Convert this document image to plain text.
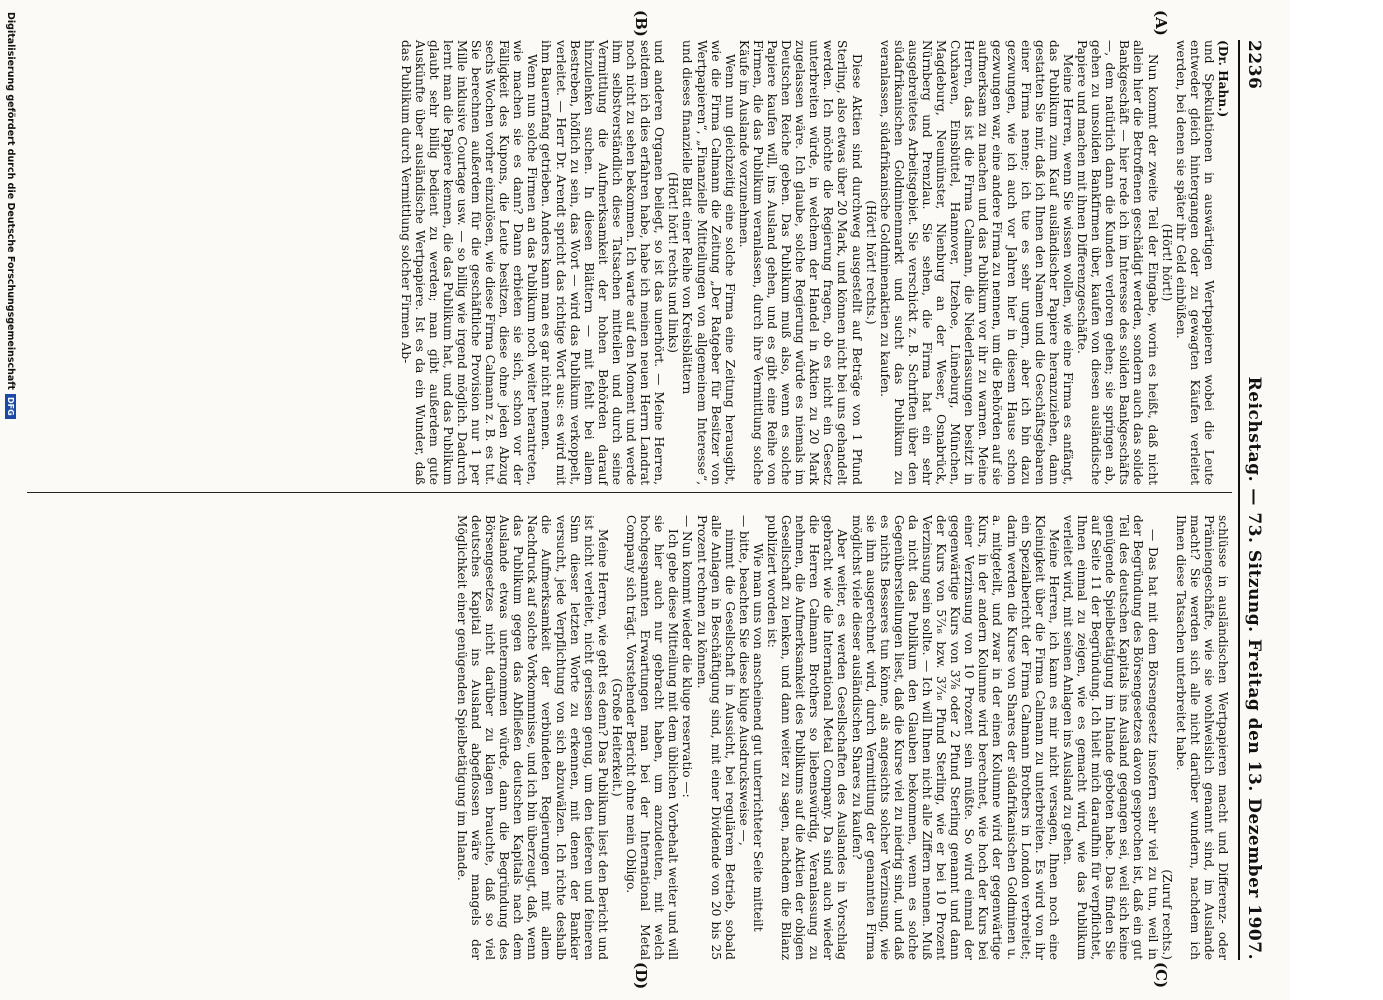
2236
Reichstag. — 73. Sitzung. Freitag den 13. Dezember 1907.
(A)
(B)
(C)
(D)

(Dr. Hahn.)

und Spekulationen in auswärtigen Wertpapieren wobei die Leute entweder gleich hintergangen oder zu gewagten Käufen verleitet werden, bei denen sie später ihr Geld einbüßen.

(Hört! hört!)

Nun kommt der zweite Teil der Eingabe, worin es heißt, daß nicht allein hier die Betroffenen geschädigt werden, sondern auch das solide Bankgeschäft — hier rede ich im Interesse des soliden Bankgeschäfts —, dem natürlich dann die Kunden verloren gehen; sie springen ab, gehen zu unsoliden Bankfirmen über, kaufen von diesen ausländische Papiere und machen mit ihnen Differenzgeschäfte.

Meine Herren, wenn Sie wissen wollen, wie eine Firma es anfängt, das Publikum zum Kauf ausländischer Papiere heranzuziehen, dann gestatten Sie mir, daß ich Ihnen den Namen und die Geschäftsgebaren einer Firma nenne; ich tue es sehr ungern, aber ich bin dazu gezwungen, wie ich auch vor Jahren hier in diesem Hause schon gezwungen war, eine andere Firma zu nennen, um die Behörden auf sie aufmerksam zu machen und das Publikum vor ihr zu warnen. Meine Herren, das ist die Firma Calmann, die Niederlassungen besitzt in Cuxhaven, Einsbüttel, Hannover, Itzehoe, Lüneburg, München, Magdeburg, Neumünster, Nienburg an der Weser, Osnabrück, Nürnberg und Prenzlau. Sie sehen, die Firma hat ein sehr ausgebreitetes Arbeitsgebiet. Sie verschickt z. B. Schriften über den südafrikanischen Goldminenmarkt und sucht das Publikum zu veranlassen, südafrikanische Goldminenaktien zu kaufen.

(Hört! hört! rechts.)

Diese Aktien sind durchweg ausgestellt auf Beträge von 1 Pfund Sterling, also etwas über 20 Mark, und können nicht bei uns gehandelt werden. Ich möchte die Regierung fragen, ob es nicht ein Gesetz unterbreiten würde, in welchem der Handel in Aktien zu 20 Mark zugelassen wäre. Ich glaube, solche Regierung würde es niemals im Deutschen Reiche geben. Das Publikum muß also, wenn es solche Papiere kaufen will, ins Ausland gehen, und es gibt eine Reihe von Firmen, die das Publikum veranlassen, durch ihre Vermittlung solche Käufe im Auslande vorzunehmen.

Wenn nun gleichzeitig eine solche Firma eine Zeitung herausgibt, wie die Firma Calmann die Zeitung „Der Ratgeber für Besitzer von Wertpapieren“, „Finanzielle Mitteilungen von allgemeinem Interesse“, und dieses finanzielle Blatt einer Reihe von Kreisblättern

(Hört! hört! rechts und links)

und anderen Organen beilegt, so ist das unerhört. — Meine Herren, seitdem ich dies erfahren habe, habe ich meinen neuen Herrn Landrat noch nicht zu sehen bekommen. Ich warte auf den Moment und werde ihm selbstverständlich diese Tatsachen mitteilen und durch seine Vermittlung die Aufmerksamkeit der hohen Behörden darauf hinzulenken suchen. In diesen Blättern — mit fehlt bei allem Bestreben, höflich zu sein, das Wort — wird das Publikum verkoppelt, verleitet. — Herr Dr. Arendt spricht das richtige Wort aus: es wird mit ihm Bauernfang getrieben. Anders kann man es gar nicht nennen.

Wenn nun solche Firmen an das Publikum noch weiter herantreten, wie machen sie es dann? Dann erbieten sie sich, schon vor der Fälligkeit des Kupons, die Leute besitzen, diese ohne jeden Abzug sechs Wochen vorher einzulösen, wie diese Firma Calmann z. B. es tut. Sie berechnen außerdem für die geschäftliche Provision nur 1 per Mille inklusive Courtage usw. — so billig wie irgend möglich. Dadurch lernt man die Papiere kennen, die das Publikum hat, und das Publikum glaubt sehr billig bedient zu werden; man gibt außerdem gute Auskünfte über ausländische Wertpapiere. Ist es da ein Wunder, daß das Publikum durch Vermittlung solcher Firmen Ab-

schlüsse in ausländischen Wertpapieren macht und Differenz- oder Prämiengeschäfte, wie sie wohlweislich genannt sind, im Auslande macht? Sie werden sich alle nicht darüber wundern, nachdem ich Ihnen diese Tatsachen unterbreitet habe.

(Zuruf rechts.)

— Das hat mit dem Börsengesetz insofern sehr viel zu tun, weil in der Begründung des Börsengesetzes davon gesprochen ist, daß ein gut Teil des deutschen Kapitals ins Ausland gegangen sei, weil sich keine genügende Spielbetätigung im Inlande geboten habe. Das finden Sie auf Seite 11 der Begründung. Ich hielt mich daraufhin für verpflichtet, Ihnen einmal zu zeigen, wie es gemacht wird, wie das Publikum verleitet wird, mit seinen Anlagen ins Ausland zu gehen.

Meine Herren, ich kann es mir nicht versagen, Ihnen noch eine Kleinigkeit über die Firma Calmann zu unterbreiten. Es wird von ihr ein Spezialbericht der Firma Calmann Brothers in London verbreitet; darin werden die Kurse von Shares der südafrikanischen Goldminen u. a. mitgeteilt, und zwar in der einen Kolumne wird der gegenwärtige Kurs, in der andern Kolumne wird berechnet, wie hoch der Kurs bei einer Verzinsung von 10 Prozent sein müßte. So wird einmal der gegenwärtige Kurs von 3⅞ oder 2 Pfund Sterling genannt und dann der Kurs von 5⁷⁄₁₆ bzw. 3⁷⁄₁₆ Pfund Sterling, wie er bei 10 Prozent Verzinsung sein sollte. — Ich will Ihnen nicht alle Ziffern nennen. Muß da nicht das Publikum den Glauben bekommen, wenn es solche Gegenüberstellungen liest, daß die Kurse viel zu niedrig sind, und daß es nichts Besseres tun könne, als angesichts solcher Verzinsung, wie sie ihm ausgerechnet wird, durch Vermittlung der genannten Firma möglichst viele dieser ausländischen Shares zu kaufen?

Aber weiter, es werden Gesellschaften des Auslandes in Vorschlag gebracht wie die International Metal Company. Da sind auch wieder die Herren Calmann Brothers so liebenswürdig, Veranlassung zu nehmen, die Aufmerksamkeit des Publikums auf die Aktien der obigen Gesellschaft zu lenken, und dann weiter zu sagen, nachdem die Bilanz publiziert worden ist:

Wie man uns von anscheinend gut unterrichteter Seite mitteilt

— bitte, beachten Sie diese kluge Ausdrucksweise —,

nimmt die Gesellschaft in Aussicht, bei regulärem Betrieb, sobald alle Anlagen in Beschäftigung sind, mit einer Dividende von 20 bis 25 Prozent rechnen zu können.

— Nun kommt wieder die kluge reservatio —:

Ich gebe diese Mitteilung mit dem üblichen Vorbehalt weiter und will sie hier auch nur gebracht haben, um anzudeuten, mit welch hochgespannten Erwartungen man bei der International Metal Company sich trägt. Vorstehender Bericht ohne mein Obligo.

(Große Heiterkeit.)

Meine Herren, wie geht es denn? Das Publikum liest den Bericht und ist nicht verleitet, nicht gerissen genug, um den tieferen und feineren Sinn dieser letzten Worte zu erkennen, mit denen der Bankier versucht, jede Verpflichtung von sich abzuwälzen. Ich richte deshalb die Aufmerksamkeit der verbündeten Regierungen mit allem Nachdruck auf solche Vorkommnisse, und ich bin überzeugt, daß, wenn das Publikum gegen das Abfließen deutschen Kapitals nach dem Auslande etwas unternommen würde, dann die Begründung des Börsengesetzes nicht darüber zu klagen brauchte, daß so viel deutsches Kapital ins Ausland abgeflossen wäre mangels der Möglichkeit einer genügenden Spielbetätigung im Inlande.

Digitalisierung gefördert durch die Deutsche Forschungsgemeinschaft
DFG
